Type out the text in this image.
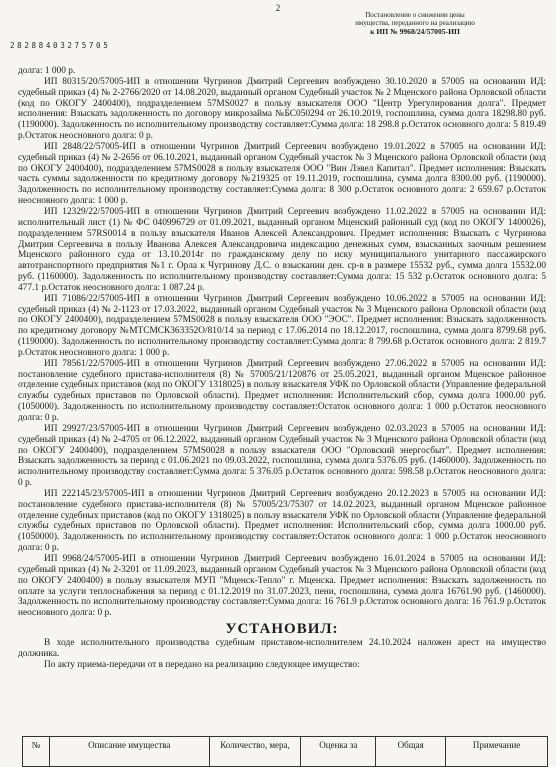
2
Постановление о снижении цены
имущества, переданного на реализацию
к ИП № 9968/24/57005-ИП
28288403275705

долга: 1 000 р.

ИП 80315/20/57005-ИП в отношении Чугринов Дмитрий Сергеевич возбуждено 30.10.2020 в 57005 на основании ИД: судебный приказ (4) № 2-2766/2020 от 14.08.2020, выданный органом Судебный участок № 2 Мценского района Орловской области (код по ОКОГУ 2400400), подразделением 57MS0027 в пользу взыскателя ООО "Центр Урегулирования долга". Предмет исполнения: Взыскать задолженность по договору микрозайма №БС050294 от 26.10.2019, госпошлина, сумма долга 18298.80 руб. (1190000). Задолженность по исполнительному производству составляет:Сумма долга: 18 298.8 р.Остаток основного долга: 5 819.49 р.Остаток неосновного долга: 0 р.

ИП 2848/22/57005-ИП в отношении Чугринов Дмитрий Сергеевич возбуждено 19.01.2022 в 57005 на основании ИД: судебный приказ (4) № 2-2656 от 06.10.2021, выданный органом Судебный участок № 3 Мценского района Орловской области (код по ОКОГУ 2400400), подразделением 57MS0028 в пользу взыскателя ООО "Вин Лэвел Капитал". Предмет исполнения: Взыскать часть суммы задолженности по кредитному договору №219325 от 19.11.2019, госпошлина, сумма долга 8300.00 руб. (1190000). Задолженность по исполнительному производству составляет:Сумма долга: 8 300 р.Остаток основного долга: 2 659.67 р.Остаток неосновного долга: 1 000 р.

ИП 12329/22/57005-ИП в отношении Чугринов Дмитрий Сергеевич возбуждено 11.02.2022 в 57005 на основании ИД: исполнительный лист (1) № ФС 040996729 от 01.09.2021, выданный органом Мценский районный суд (код по ОКОГУ 1400026), подразделением 57RS0014 в пользу взыскателя Иванов Алексей Александрович. Предмет исполнения: Взыскать с Чугринова Дмитрия Сергеевича в пользу Иванова Алексея Александровича индексацию денежных сумм, взысканных заочным решением Мценского районного суда от 13.10.2014г по гражданскому делу по иску муниципального унитарного пассажирского автотранспортного предприятия №1 г. Орла к Чугринову Д.С. о взыскании ден. ср-в в размере 15532 руб., сумма долга 15532.00 руб. (1160000). Задолженность по исполнительному производству составляет:Сумма долга: 15 532 р.Остаток основного долга: 5 477.1 р.Остаток неосновного долга: 1 087.24 р.

ИП 71086/22/57005-ИП в отношении Чугринов Дмитрий Сергеевич возбуждено 10.06.2022 в 57005 на основании ИД: судебный приказ (4) № 2-1123 от 17.03.2022, выданный органом Судебный участок № 3 Мценского района Орловской области (код по ОКОГУ 2400400), подразделением 57MS0028 в пользу взыскателя ООО "ЭОС". Предмет исполнения: Взыскать задолженность по кредитному договору №МТСМСК363352О/810/14 за период с 17.06.2014 по 18.12.2017, госпошлина, сумма долга 8799.68 руб. (1190000). Задолженность по исполнительному производству составляет:Сумма долга: 8 799.68 р.Остаток основного долга: 2 819.7 р.Остаток неосновного долга: 1 000 р.

ИП 78561/22/57005-ИП в отношении Чугринов Дмитрий Сергеевич возбуждено 27.06.2022 в 57005 на основании ИД: постановление судебного пристава-исполнителя (8) № 57005/21/120876 от 25.05.2021, выданный органом Мценское районное отделение судебных приставов (код по ОКОГУ 1318025) в пользу взыскателя УФК по Орловской области (Управление федеральной службы судебных приставов по Орловской области). Предмет исполнения: Исполнительский сбор, сумма долга 1000.00 руб. (1050000). Задолженность по исполнительному производству составляет:Остаток основного долга: 1 000 р.Остаток неосновного долга: 0 р.

ИП 29927/23/57005-ИП в отношении Чугринов Дмитрий Сергеевич возбуждено 02.03.2023 в 57005 на основании ИД: судебный приказ (4) № 2-4705 от 06.12.2022, выданный органом Судебный участок № 3 Мценского района Орловской области (код по ОКОГУ 2400400), подразделением 57MS0028 в пользу взыскателя ООО "Орловский энергосбыт". Предмет исполнения: Взыскать задолженность за период с 01.06.2021 по 09.03.2022, госпошлина, сумма долга 5376.05 руб. (1460000). Задолженность по исполнительному производству составляет:Сумма долга: 5 376.05 р.Остаток основного долга: 598.58 р.Остаток неосновного долга: 0 р.

ИП 222145/23/57005-ИП в отношении Чугринов Дмитрий Сергеевич возбуждено 20.12.2023 в 57005 на основании ИД: постановление судебного пристава-исполнителя (8) № 57005/23/75307 от 14.02.2023, выданный органом Мценское районное отделение судебных приставов (код по ОКОГУ 1318025) в пользу взыскателя УФК по Орловской области (Управление федеральной службы судебных приставов по Орловской области). Предмет исполнения: Исполнительский сбор, сумма долга 1000.00 руб. (1050000). Задолженность по исполнительному производству составляет:Остаток основного долга: 1 000 р.Остаток неосновного долга: 0 р.

ИП 9968/24/57005-ИП в отношении Чугринов Дмитрий Сергеевич возбуждено 16.01.2024 в 57005 на основании ИД: судебный приказ (4) № 2-3201 от 11.09.2023, выданный органом Судебный участок № 3 Мценского района Орловской области (код по ОКОГУ 2400400) в пользу взыскателя МУП "Мценск-Тепло" г. Мценска. Предмет исполнения: Взыскать задолженность по оплате за услуги теплоснабжения за период с 01.12.2019 по 31.07.2023, пени, госпошлина, сумма долга 16761.90 руб. (1460000). Задолженность по исполнительному производству составляет:Сумма долга: 16 761.9 р.Остаток основного долга: 16 761.9 р.Остаток неосновного долга: 0 р.

УСТАНОВИЛ:

В ходе исполнительного производства судебным приставом-исполнителем 24.10.2024 наложен арест на имущество должника.

По акту приема-передачи от в передано на реализацию следующее имущество:

№	Описание имущества	Количество, мера,	Оценка за	Общая	Примечание
